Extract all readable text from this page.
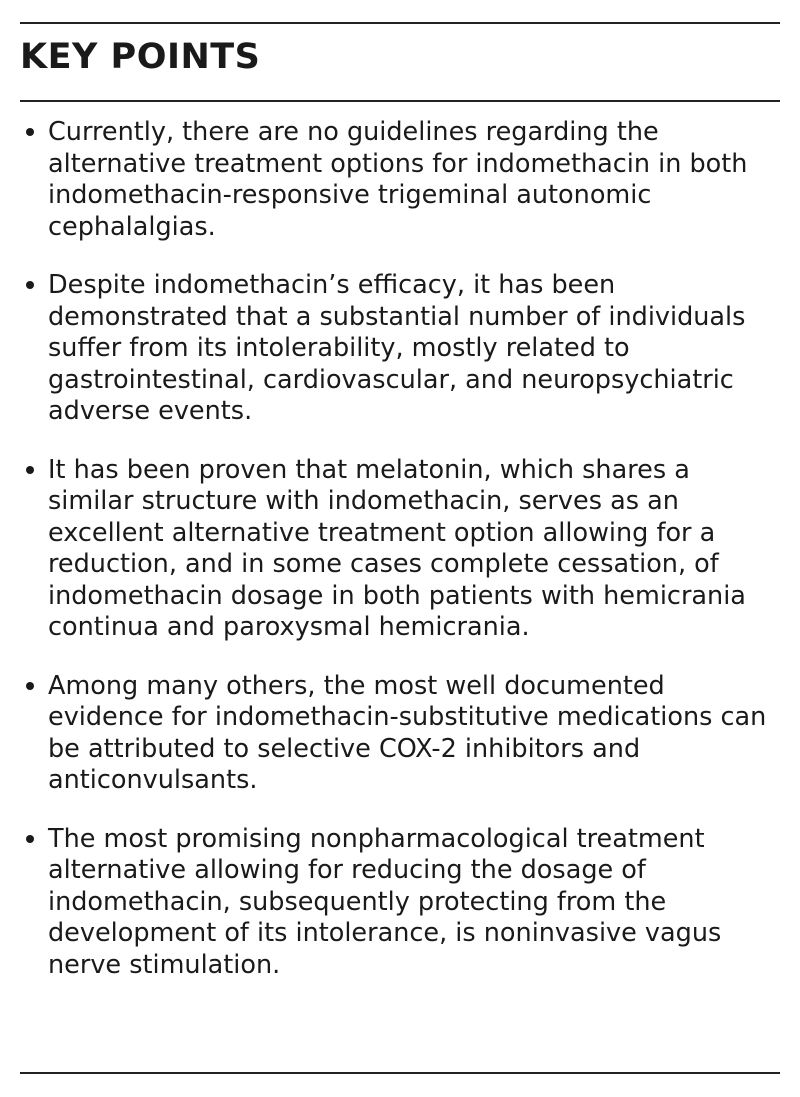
KEY POINTS
Currently, there are no guidelines regarding the alternative treatment options for indomethacin in both indomethacin-responsive trigeminal autonomic cephalalgias.
Despite indomethacin’s efficacy, it has been demonstrated that a substantial number of individuals suffer from its intolerability, mostly related to gastrointestinal, cardiovascular, and neuropsychiatric adverse events.
It has been proven that melatonin, which shares a similar structure with indomethacin, serves as an excellent alternative treatment option allowing for a reduction, and in some cases complete cessation, of indomethacin dosage in both patients with hemicrania continua and paroxysmal hemicrania.
Among many others, the most well documented evidence for indomethacin-substitutive medications can be attributed to selective COX-2 inhibitors and anticonvulsants.
The most promising nonpharmacological treatment alternative allowing for reducing the dosage of indomethacin, subsequently protecting from the development of its intolerance, is noninvasive vagus nerve stimulation.
